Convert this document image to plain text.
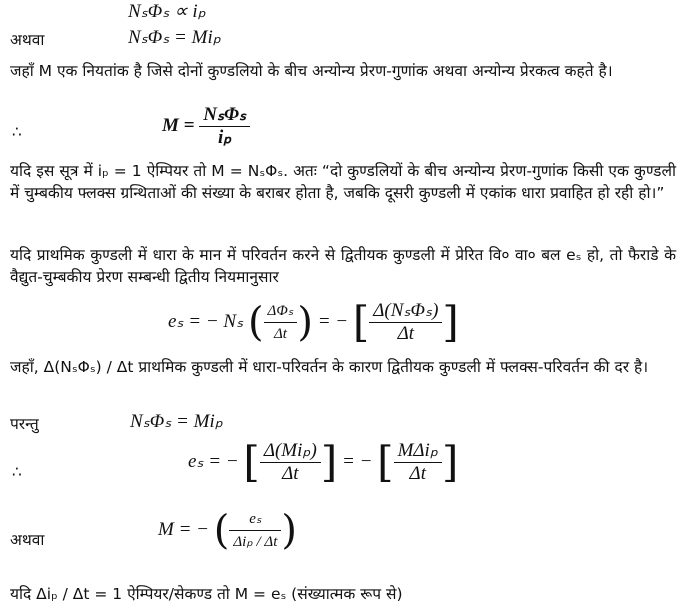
NₛΦₛ ∝ iₚ
अथवा	NₛΦₛ = Miₚ
जहाँ M एक नियतांक है जिसे दोनों कुण्डलियो के बीच अन्योन्य प्रेरण-गुणांक अथवा अन्योन्य प्रेरकत्व कहते है।
∴	$M = \frac{\text{NₛΦₛ}}{\text{iₚ}}$
यदि इस सूत्र में iₚ = 1 ऐम्पियर तो M = NₛΦₛ. अतः “दो कुण्डलियों के बीच अन्योन्य प्रेरण-गुणांक किसी एक कुण्डली में चुम्बकीय फ्लक्स ग्रन्थिताओं की संख्या के बराबर होता है, जबकि दूसरी कुण्डली में एकांक धारा प्रवाहित हो रही हो।”
यदि प्राथमिक कुण्डली में धारा के मान में परिवर्तन करने से द्वितीयक कुण्डली में प्रेरित वि० वा० बल eₛ हो, तो फैराडे के वैद्युत-चुम्बकीय प्रेरण सम्बन्धी द्वितीय नियमानुसार
eₛ = − Nₛ ( $\frac{\text{ΔΦₛ}}{\Delta t}$ ) = − [ $\frac{\text{Δ(NₛΦₛ)}}{\Delta t}$ ]
जहाँ, Δ(NₛΦₛ) / Δt प्राथमिक कुण्डली में धारा-परिवर्तन के कारण द्वितीयक कुण्डली में फ्लक्स-परिवर्तन की दर है।
परन्तु	NₛΦₛ = Miₚ
∴
eₛ = − [ $\frac{\text{Δ(Miₚ)}}{\Delta t}$ ] = − [ $\frac{\text{MΔiₚ}}{\Delta t}$ ]
अथवा
M = − ( $\frac{\text{eₛ}}{\text{Δiₚ / Δt}}$ )
यदि Δiₚ / Δt = 1 ऐम्पियर/सेकण्ड तो M = eₛ (संख्यात्मक रूप से)
